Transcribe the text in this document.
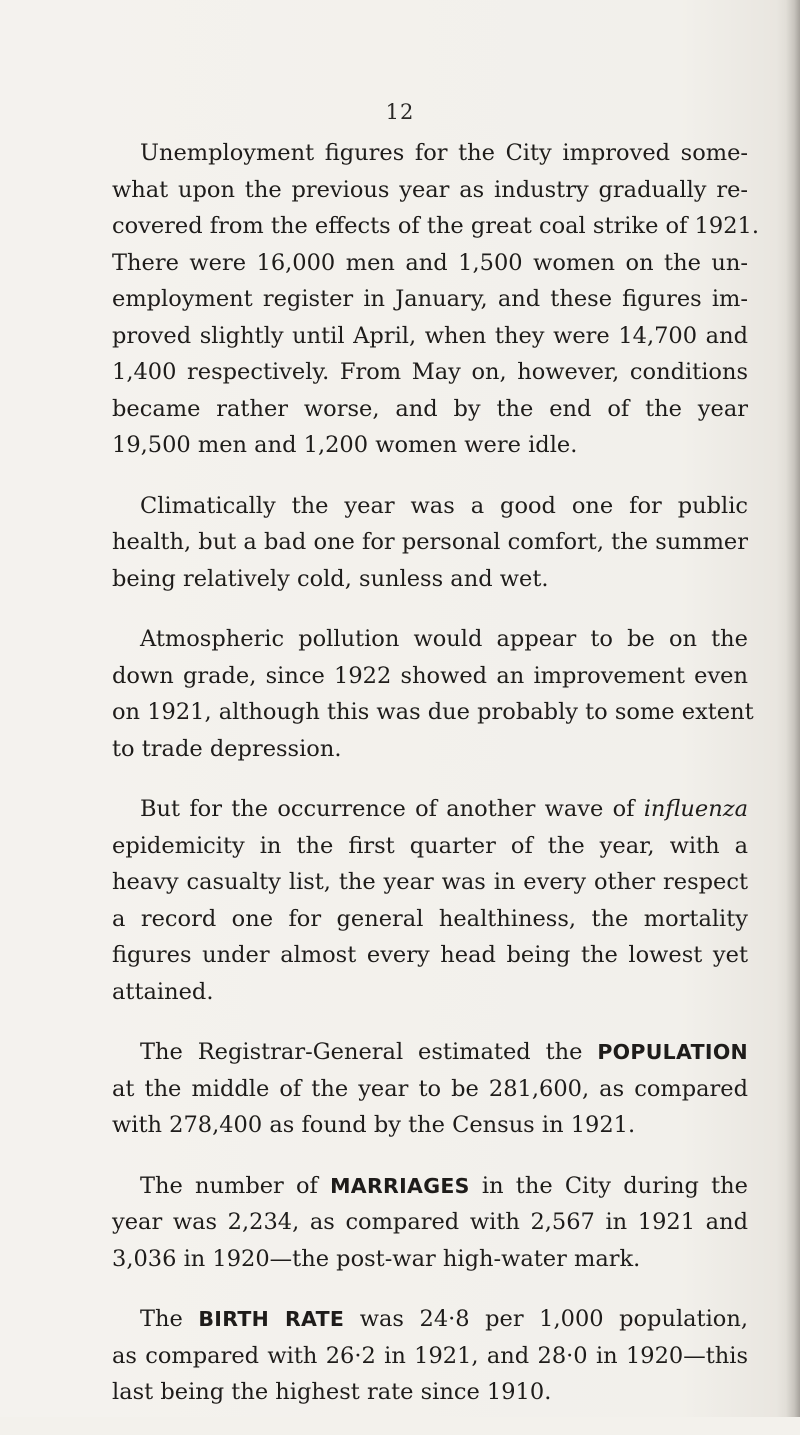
12
Unemployment figures for the City improved some-
what upon the previous year as industry gradually re-
covered from the effects of the great coal strike of 1921.
There were 16,000 men and 1,500 women on the un-
employment register in January, and these figures im-
proved slightly until April, when they were 14,700 and
1,400 respectively. From May on, however, conditions
became rather worse, and by the end of the year
19,500 men and 1,200 women were idle.
Climatically the year was a good one for public
health, but a bad one for personal comfort, the summer
being relatively cold, sunless and wet.
Atmospheric pollution would appear to be on the
down grade, since 1922 showed an improvement even
on 1921, although this was due probably to some extent
to trade depression.
But for the occurrence of another wave of influenza
epidemicity in the first quarter of the year, with a
heavy casualty list, the year was in every other respect
a record one for general healthiness, the mortality
figures under almost every head being the lowest yet
attained.
The Registrar-General estimated the POPULATION
at the middle of the year to be 281,600, as compared
with 278,400 as found by the Census in 1921.
The number of MARRIAGES in the City during the
year was 2,234, as compared with 2,567 in 1921 and
3,036 in 1920—the post-war high-water mark.
The BIRTH RATE was 24·8 per 1,000 population,
as compared with 26·2 in 1921, and 28·0 in 1920—this
last being the highest rate since 1910.
